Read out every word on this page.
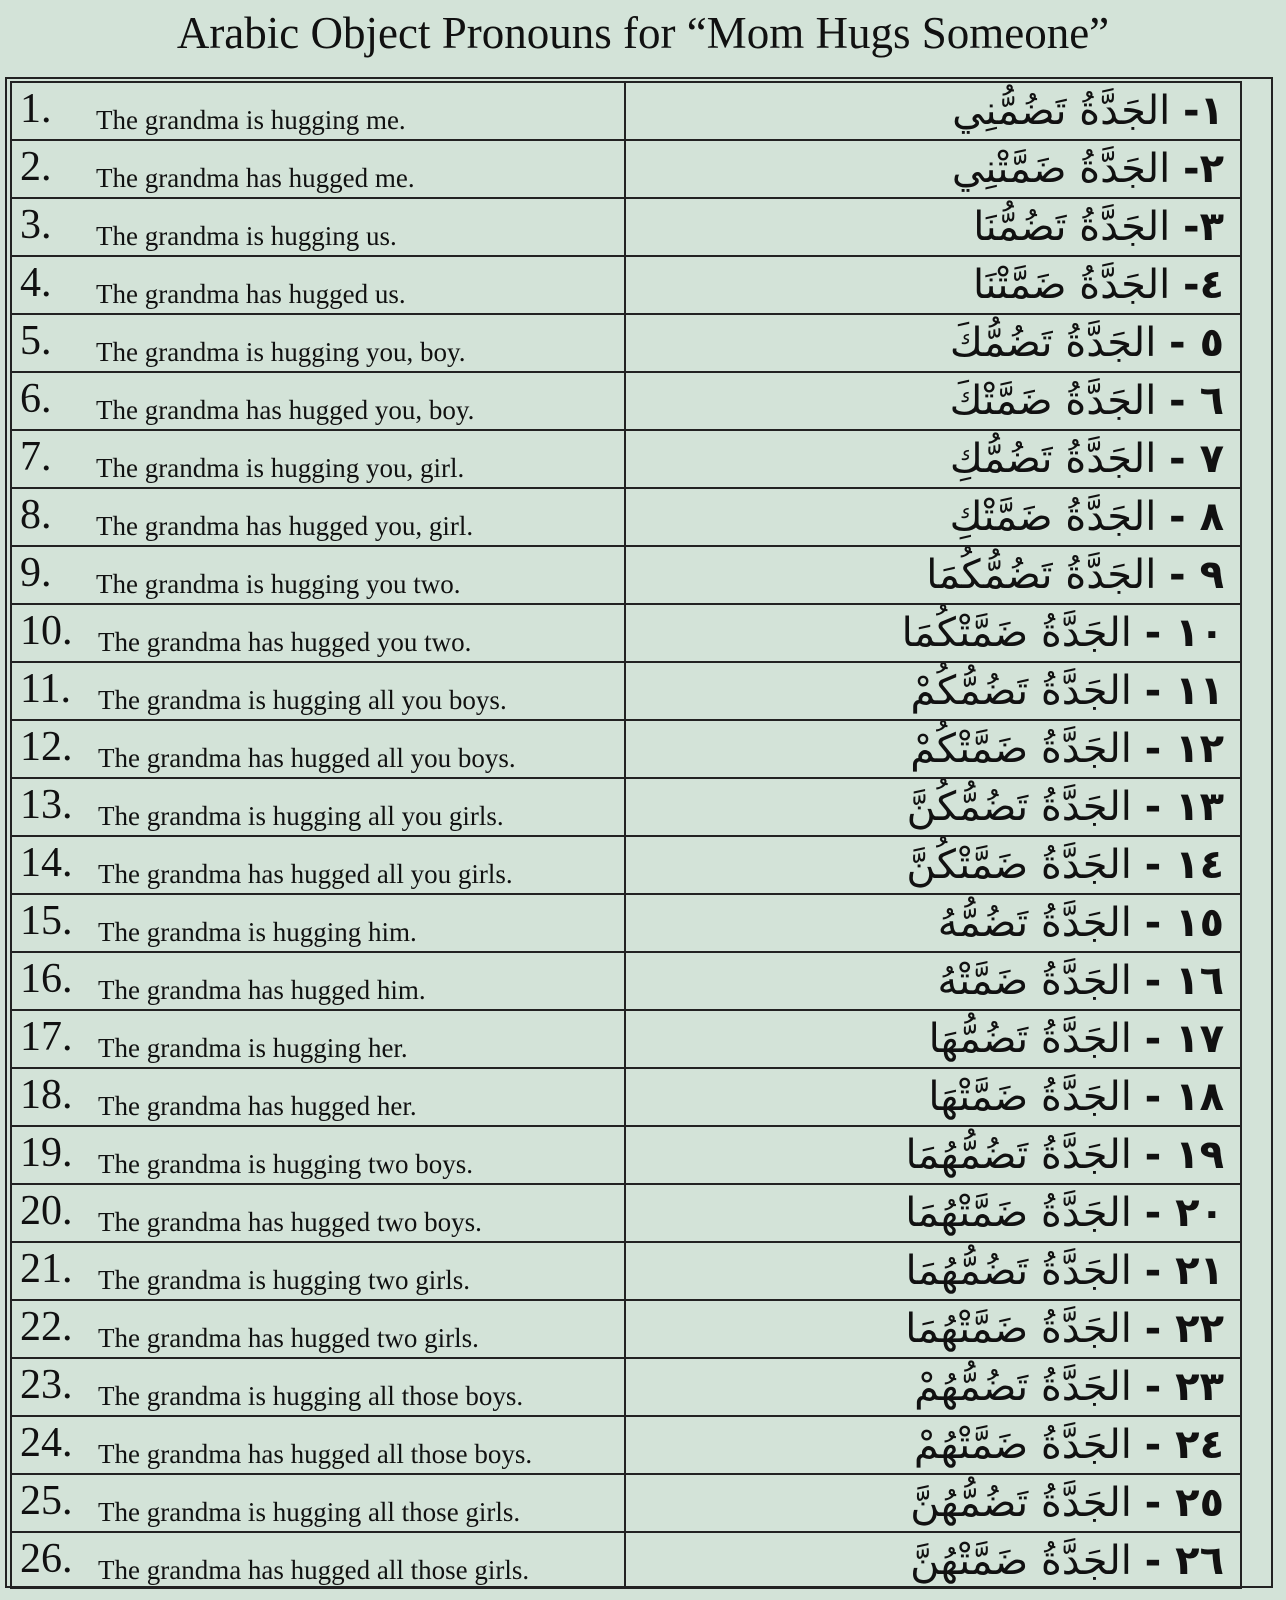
Arabic Object Pronouns for “Mom Hugs Someone”
1. The grandma is hugging me.	١- الجَدَّةُ تَضُمُّنِي
2. The grandma has hugged me.	٢- الجَدَّةُ ضَمَّتْنِي
3. The grandma is hugging us.	٣- الجَدَّةُ تَضُمُّنَا
4. The grandma has hugged us.	٤- الجَدَّةُ ضَمَّتْنَا
5. The grandma is hugging you, boy.	٥ - الجَدَّةُ تَضُمُّكَ
6. The grandma has hugged you, boy.	٦ - الجَدَّةُ ضَمَّتْكَ
7. The grandma is hugging you, girl.	٧ - الجَدَّةُ تَضُمُّكِ
8. The grandma has hugged you, girl.	٨ - الجَدَّةُ ضَمَّتْكِ
9. The grandma is hugging you two.	٩ - الجَدَّةُ تَضُمُّكُمَا
10. The grandma has hugged you two.	١٠ - الجَدَّةُ ضَمَّتْكُمَا
11. The grandma is hugging all you boys.	١١ - الجَدَّةُ تَضُمُّكُمْ
12. The grandma has hugged all you boys.	١٢ - الجَدَّةُ ضَمَّتْكُمْ
13. The grandma is hugging all you girls.	١٣ - الجَدَّةُ تَضُمُّكُنَّ
14. The grandma has hugged all you girls.	١٤ - الجَدَّةُ ضَمَّتْكُنَّ
15. The grandma is hugging him.	١٥ - الجَدَّةُ تَضُمُّهُ
16. The grandma has hugged him.	١٦ - الجَدَّةُ ضَمَّتْهُ
17. The grandma is hugging her.	١٧ - الجَدَّةُ تَضُمُّهَا
18. The grandma has hugged her.	١٨ - الجَدَّةُ ضَمَّتْهَا
19. The grandma is hugging two boys.	١٩ - الجَدَّةُ تَضُمُّهُمَا
20. The grandma has hugged two boys.	٢٠ - الجَدَّةُ ضَمَّتْهُمَا
21. The grandma is hugging two girls.	٢١ - الجَدَّةُ تَضُمُّهُمَا
22. The grandma has hugged two girls.	٢٢ - الجَدَّةُ ضَمَّتْهُمَا
23. The grandma is hugging all those boys.	٢٣ - الجَدَّةُ تَضُمُّهُمْ
24. The grandma has hugged all those boys.	٢٤ - الجَدَّةُ ضَمَّتْهُمْ
25. The grandma is hugging all those girls.	٢٥ - الجَدَّةُ تَضُمُّهُنَّ
26. The grandma has hugged all those girls.	٢٦ - الجَدَّةُ ضَمَّتْهُنَّ
